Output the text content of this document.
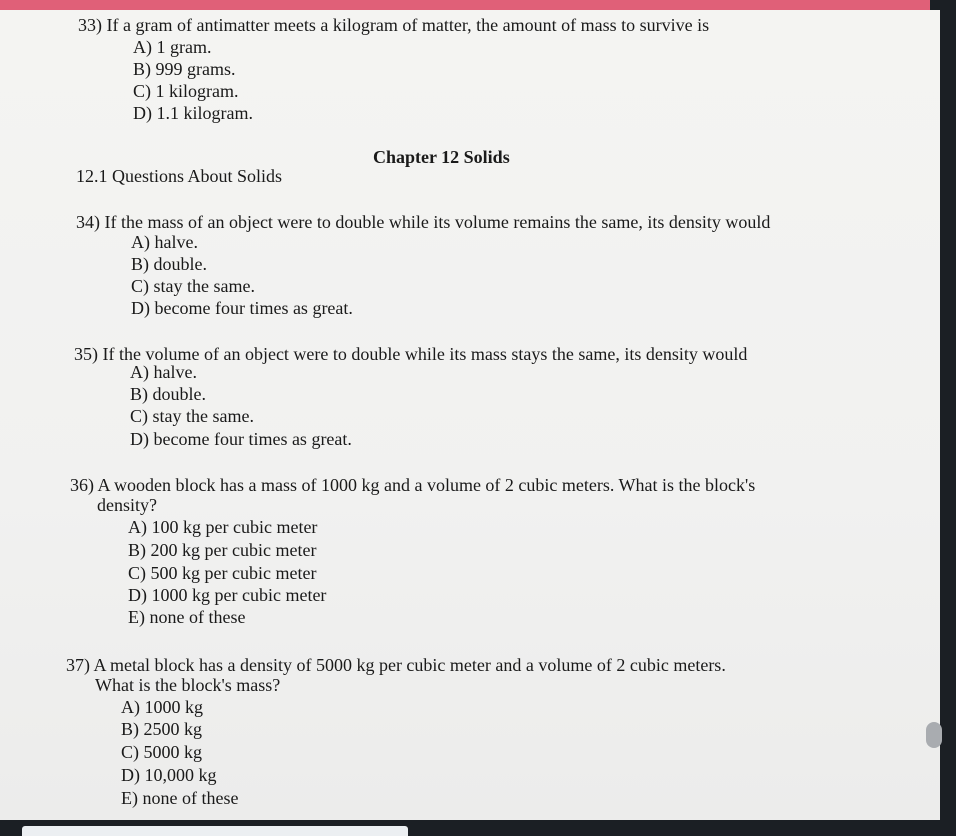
33) If a gram of antimatter meets a kilogram of matter, the amount of mass to survive is
A) 1 gram.
B) 999 grams.
C) 1 kilogram.
D) 1.1 kilogram.
Chapter 12 Solids
12.1 Questions About Solids
34) If the mass of an object were to double while its volume remains the same, its density would
A) halve.
B) double.
C) stay the same.
D) become four times as great.
35) If the volume of an object were to double while its mass stays the same, its density would
A) halve.
B) double.
C) stay the same.
D) become four times as great.
36) A wooden block has a mass of 1000 kg and a volume of 2 cubic meters. What is the block's
density?
A) 100 kg per cubic meter
B) 200 kg per cubic meter
C) 500 kg per cubic meter
D) 1000 kg per cubic meter
E) none of these
37) A metal block has a density of 5000 kg per cubic meter and a volume of 2 cubic meters.
What is the block's mass?
A) 1000 kg
B) 2500 kg
C) 5000 kg
D) 10,000 kg
E) none of these
